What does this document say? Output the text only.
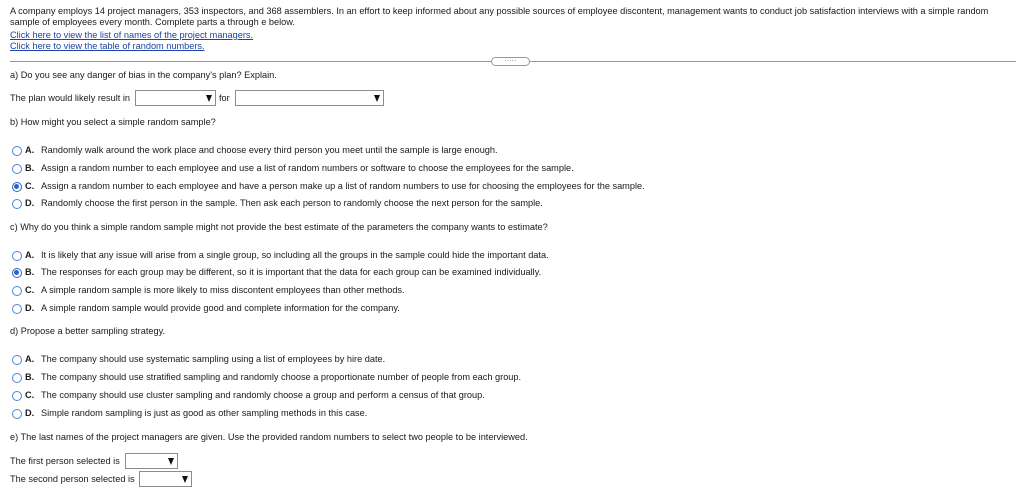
A company employs 14 project managers, 353 inspectors, and 368 assemblers. In an effort to keep informed about any possible sources of employee discontent, management wants to conduct job satisfaction interviews with a simple random sample of employees every month. Complete parts a through e below.
Click here to view the list of names of the project managers.
Click here to view the table of random numbers.
.....
a) Do you see any danger of bias in the company's plan? Explain.
The plan would likely result in	for
b) How might you select a simple random sample?
A. Randomly walk around the work place and choose every third person you meet until the sample is large enough.
B. Assign a random number to each employee and use a list of random numbers or software to choose the employees for the sample.
C. Assign a random number to each employee and have a person make up a list of random numbers to use for choosing the employees for the sample.
D. Randomly choose the first person in the sample. Then ask each person to randomly choose the next person for the sample.
c) Why do you think a simple random sample might not provide the best estimate of the parameters the company wants to estimate?
A. It is likely that any issue will arise from a single group, so including all the groups in the sample could hide the important data.
B. The responses for each group may be different, so it is important that the data for each group can be examined individually.
C. A simple random sample is more likely to miss discontent employees than other methods.
D. A simple random sample would provide good and complete information for the company.
d) Propose a better sampling strategy.
A. The company should use systematic sampling using a list of employees by hire date.
B. The company should use stratified sampling and randomly choose a proportionate number of people from each group.
C. The company should use cluster sampling and randomly choose a group and perform a census of that group.
D. Simple random sampling is just as good as other sampling methods in this case.
e) The last names of the project managers are given. Use the provided random numbers to select two people to be interviewed.
The first person selected is
The second person selected is
